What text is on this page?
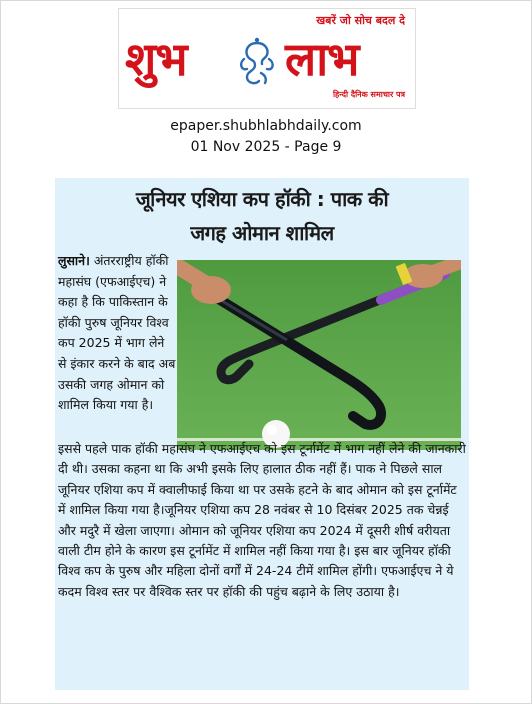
खबरें जो सोच बदल दे
शुभ लाभ
हिन्दी दैनिक समाचार पत्र
epaper.shubhlabhdaily.com
01 Nov 2025 - Page 9
जूनियर एशिया कप हॉकी : पाक की
जगह ओमान शामिल
लुसाने। अंतरराष्ट्रीय हॉकी महासंघ (एफआईएच) ने कहा है कि पाकिस्तान के हॉकी पुरुष जूनियर विश्व कप 2025 में भाग लेने से इंकार करने के बाद अब उसकी जगह ओमान को शामिल किया गया है।
इससे पहले पाक हॉकी महासंघ ने एफआईएच को इस टूर्नामेंट में भाग नहीं लेने की जानकारी दी थी। उसका कहना था कि अभी इसके लिए हालात ठीक नहीं हैं। पाक ने पिछले साल जूनियर एशिया कप में क्वालीफाई किया था पर उसके हटने के बाद ओमान को इस टूर्नामेंट में शामिल किया गया है।जूनियर एशिया कप 28 नवंबर से 10 दिसंबर 2025 तक चेन्नई और मदुरै में खेला जाएगा। ओमान को जूनियर एशिया कप 2024 में दूसरी शीर्ष वरीयता वाली टीम होने के कारण इस टूर्नामेंट में शामिल नहीं किया गया है। इस बार जूनियर हॉकी विश्व कप के पुरुष और महिला दोनों वर्गों में 24-24 टीमें शामिल होंगी। एफआईएच ने ये कदम विश्व स्तर पर वैश्विक स्तर पर हॉकी की पहुंच बढ़ाने के लिए उठाया है।
